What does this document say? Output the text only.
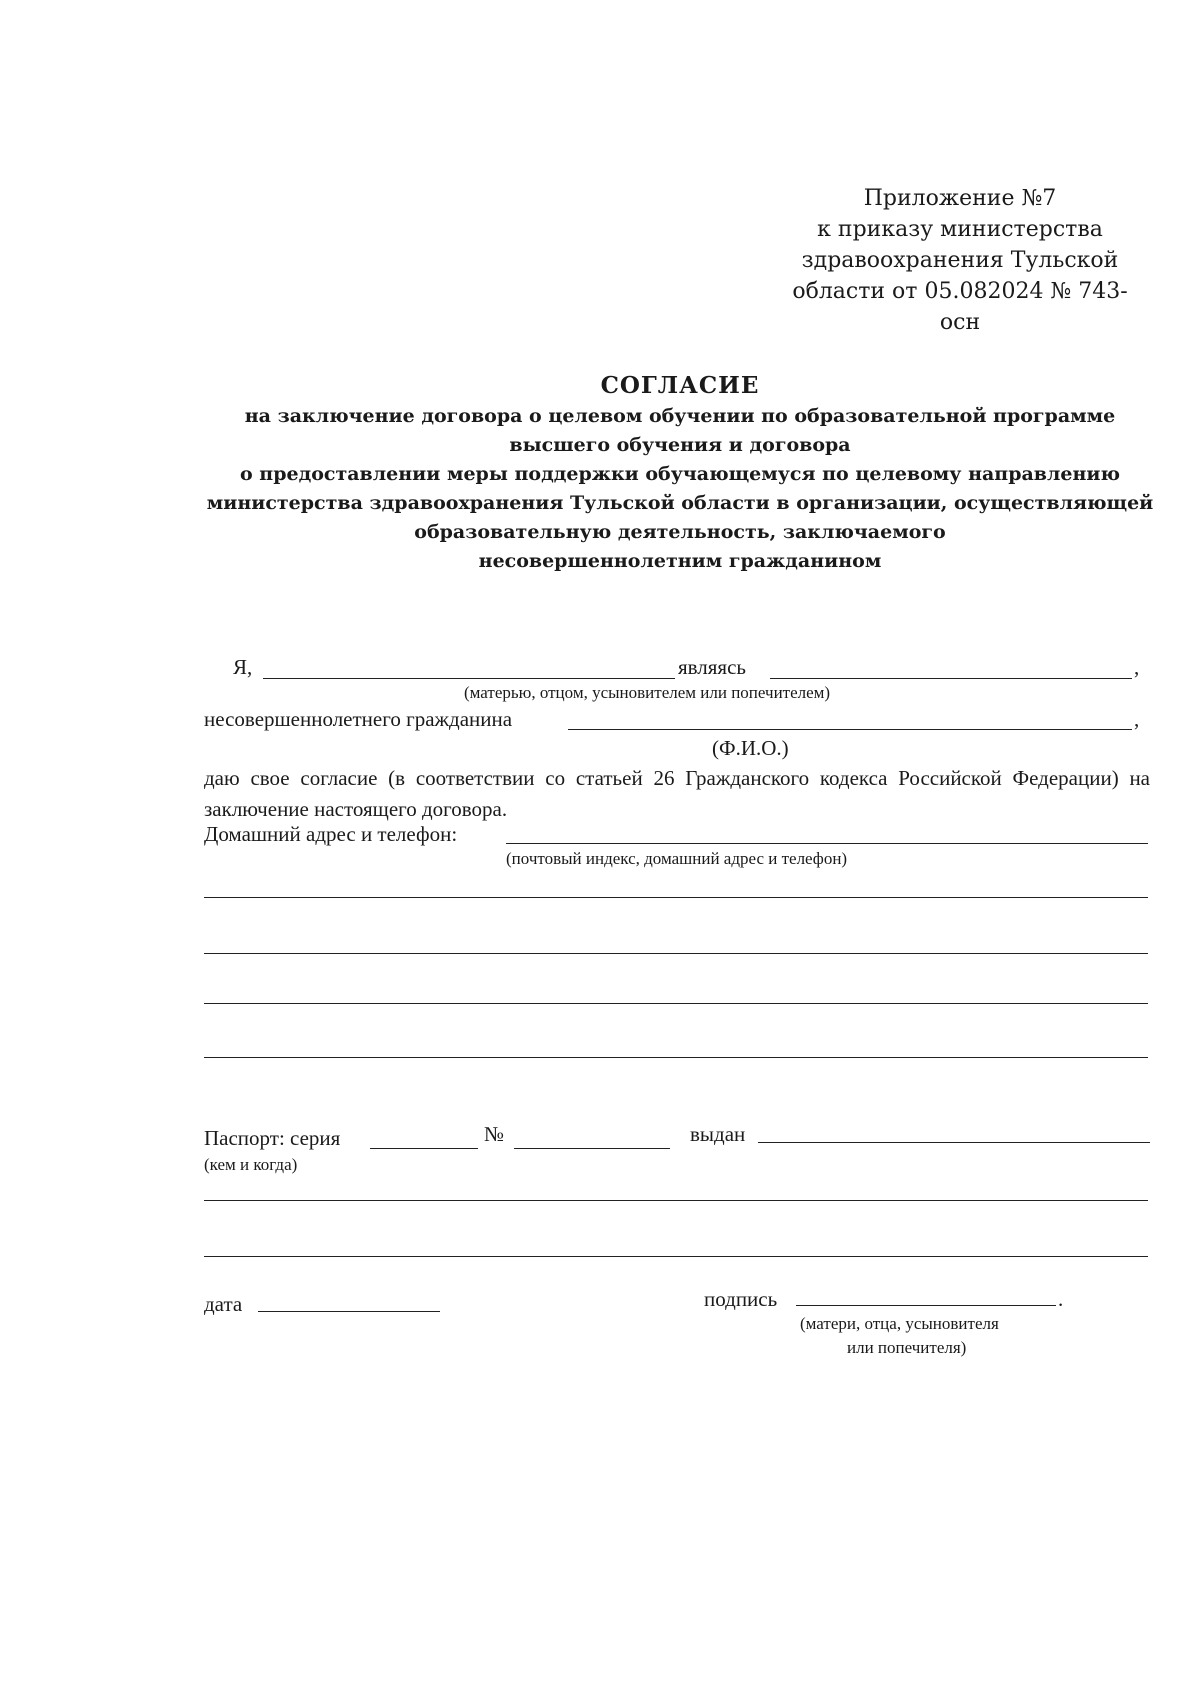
Приложение №7
к приказу министерства
здравоохранения Тульской
области от 05.082024 № 743-
осн
СОГЛАСИЕ
на заключение договора о целевом обучении по образовательной программе
высшего обучения и договора
о предоставлении меры поддержки обучающемуся по целевому направлению
министерства здравоохранения Тульской области в организации, осуществляющей
образовательную деятельность, заключаемого
несовершеннолетним гражданином
Я,	являясь	,
(матерью, отцом, усыновителем или попечителем)
несовершеннолетнего гражданина	,
(Ф.И.О.)
даю свое согласие (в соответствии со статьей 26 Гражданского кодекса Российской Федерации) на заключение настоящего договора.
Домашний адрес и телефон:
(почтовый индекс, домашний адрес и телефон)
Паспорт: серия	№	выдан
(кем и когда)
дата	подпись	.
(матери, отца, усыновителя
или попечителя)
